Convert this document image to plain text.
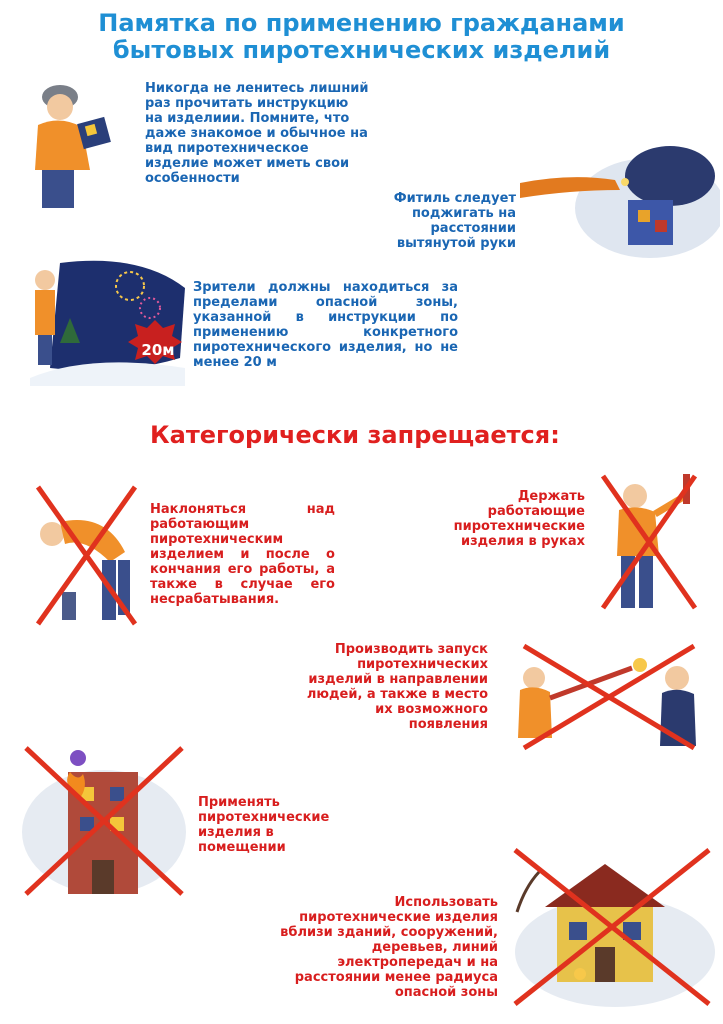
Памятка по применению гражданами
бытовых пиротехнических изделий
Никогда не ленитесь лишний раз прочитать инструкцию на изделиии. Помните, что даже знакомое и обычное на вид пиротехническое изделие может иметь свои особенности
Фитиль следует поджигать на расстоянии вытянутой руки
20м
Зрители должны находиться за пределами опасной зоны, указанной в инструкции по применению конкретного пиротехнического изделия, но не менее 20 м
Категорически запрещается:
Наклоняться над работающим пиротехническим изделием и после о кончания его работы, а также в случае его несрабатывания.
Держать работающие пиротехнические изделия в руках
Производить запуск пиротехнических изделий в направлении людей, а также в место их возможного появления
Применять пиротехнические изделия в помещении
Использовать пиротехнические изделия вблизи зданий, сооружений, деревьев, линий электропередач и на расстоянии менее радиуса опасной зоны
